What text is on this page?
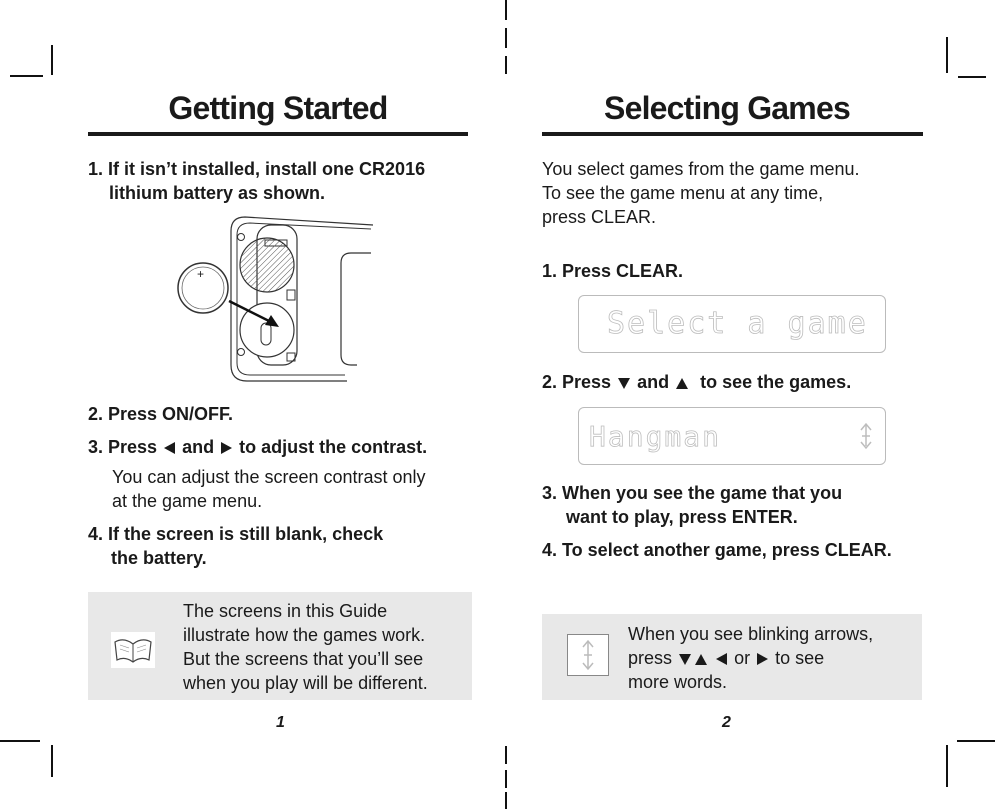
Getting Started
1. If it isn’t installed, install one CR2016
lithium battery as shown.
+
2. Press ON/OFF.
3. Press and to adjust the contrast.
You can adjust the screen contrast only
at the game menu.
4. If the screen is still blank, check
the battery.
The screens in this Guide
illustrate how the games work.
But the screens that you’ll see
when you play will be different.
1
Selecting Games
You select games from the game menu.
To see the game menu at any time,
press CLEAR.
1. Press CLEAR.
Select a game
2. Press and to see the games.
Hangman
3. When you see the game that you
want to play, press ENTER.
4. To select another game, press CLEAR.
When you see blinking arrows,
press	or to see
more words.
2
